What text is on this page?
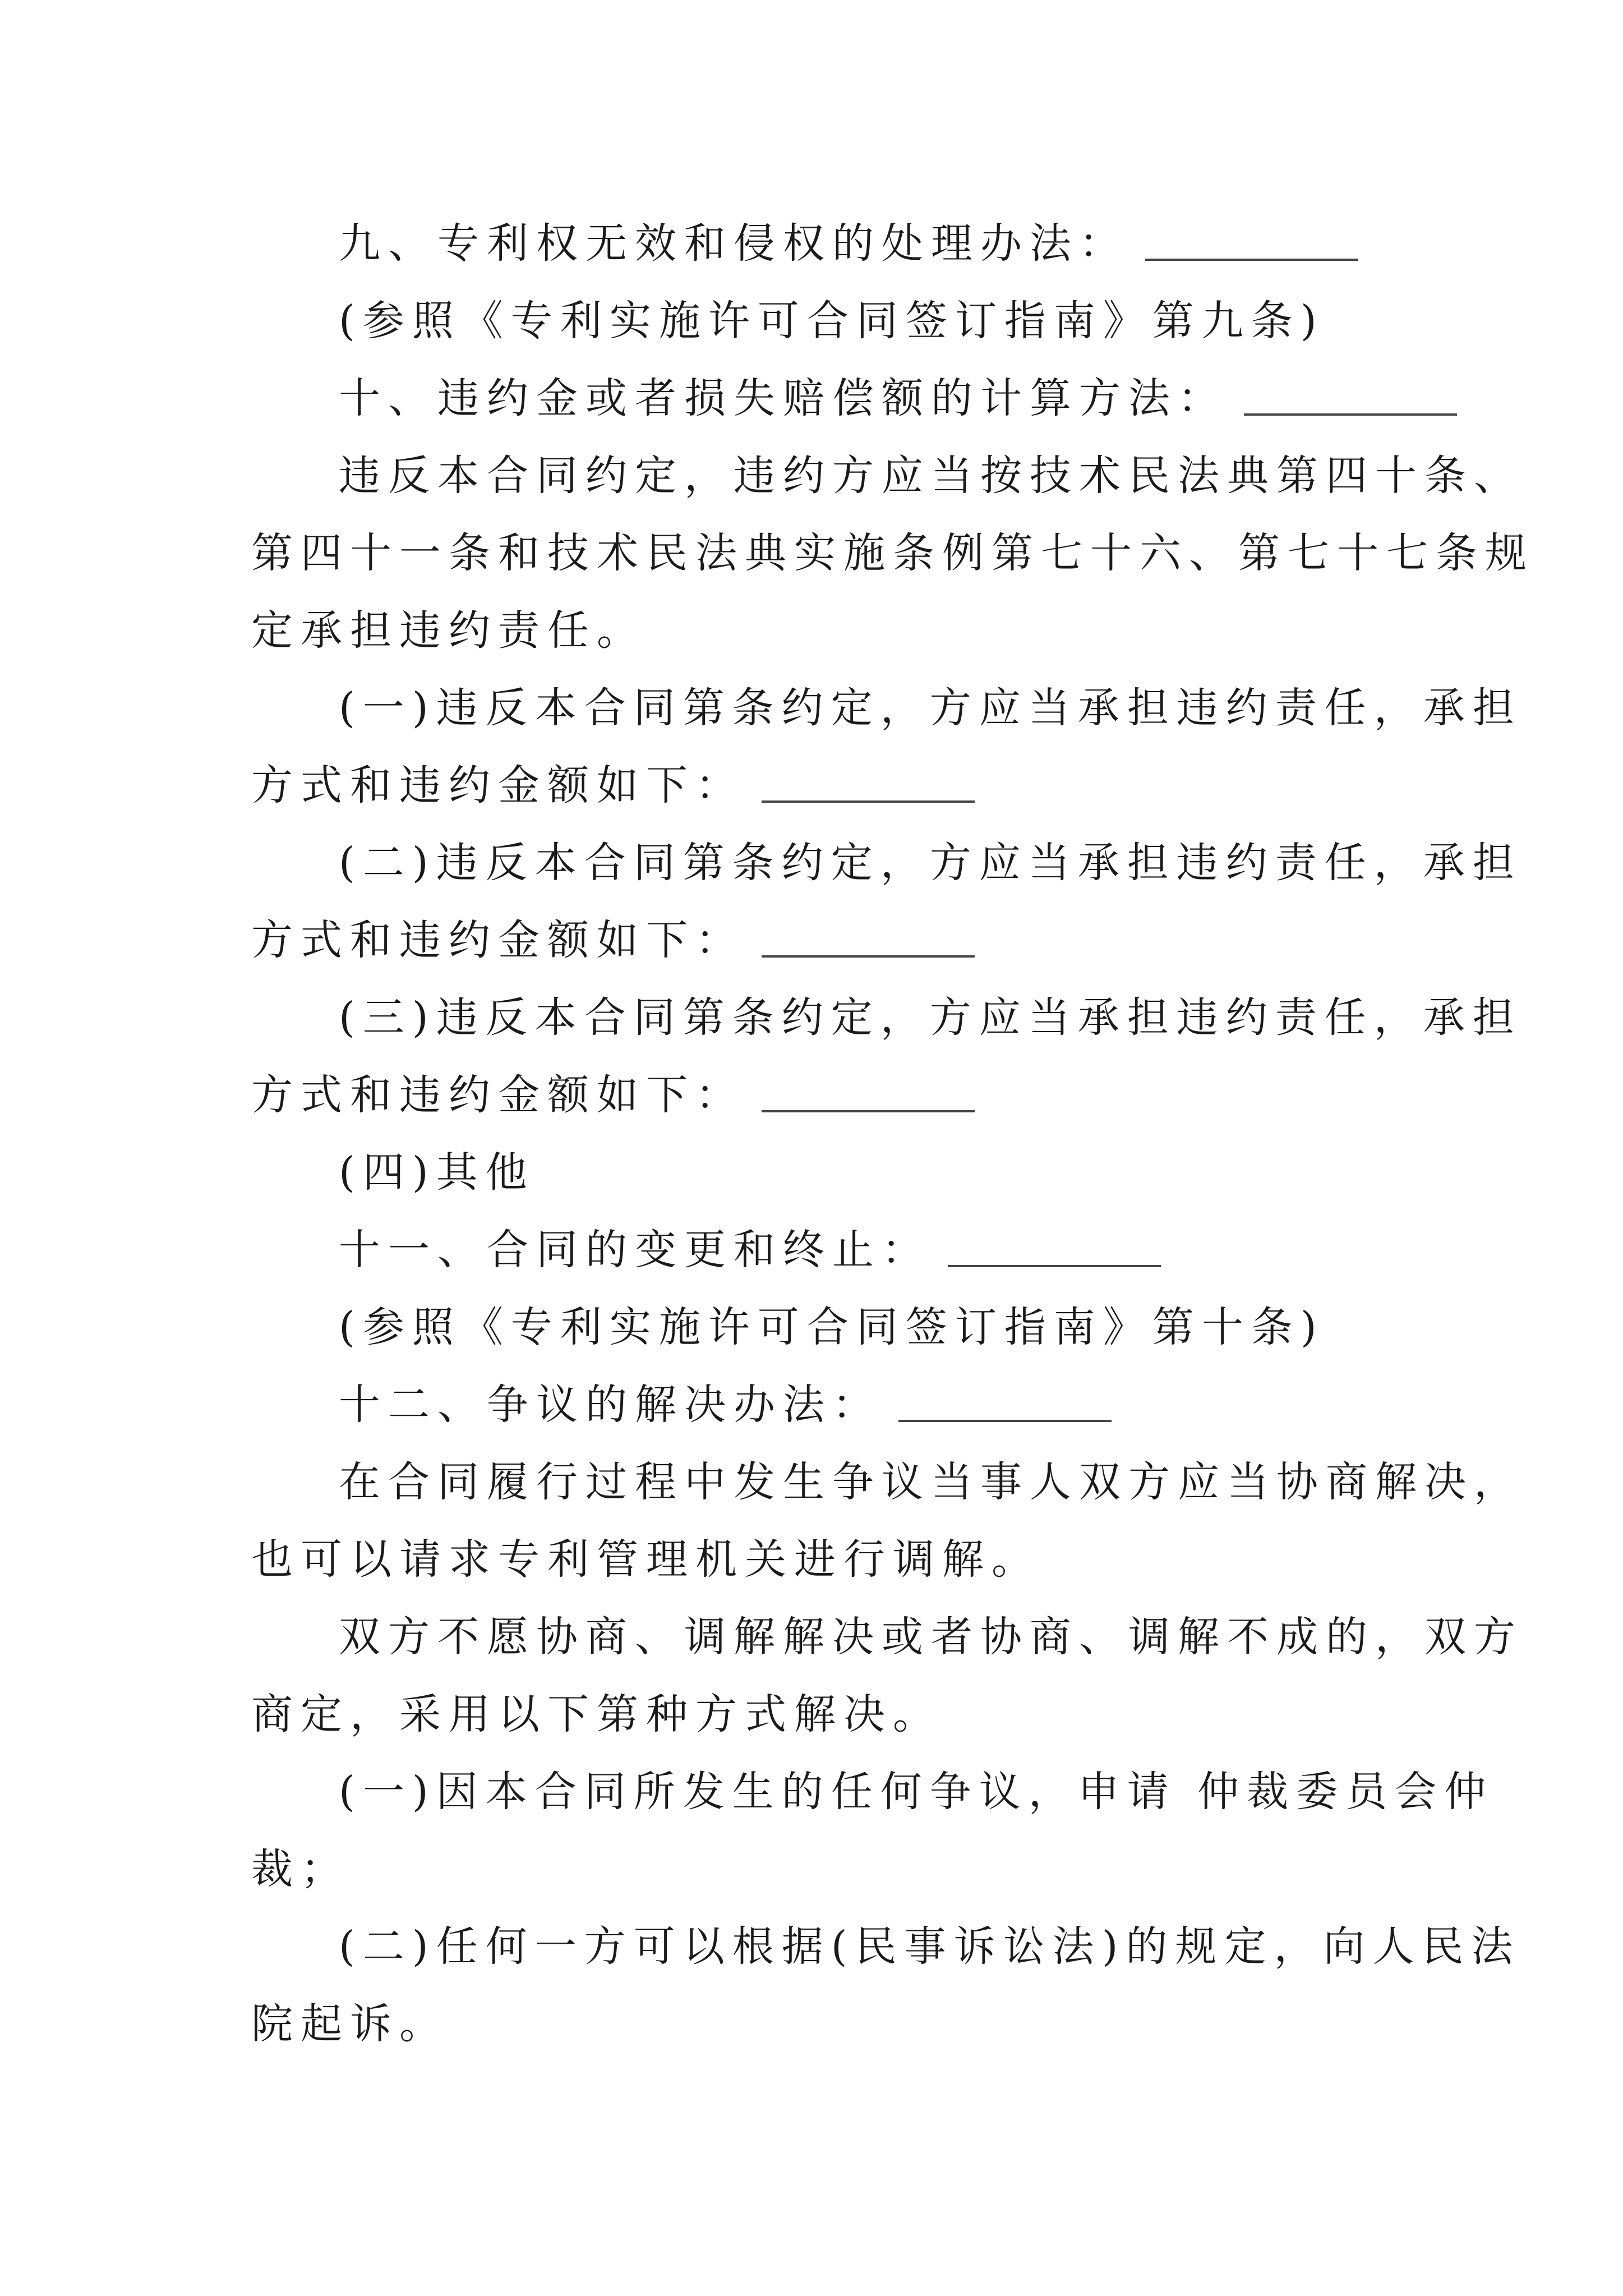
九、专利权无效和侵权的处理办法：
(参照《专利实施许可合同签订指南》第九条)
十、违约金或者损失赔偿额的计算方法：
违反本合同约定，违约方应当按技术民法典第四十条、
第四十一条和技术民法典实施条例第七十六、第七十七条规
定承担违约责任。
(一)违反本合同第条约定，方应当承担违约责任，承担
方式和违约金额如下：
(二)违反本合同第条约定，方应当承担违约责任，承担
方式和违约金额如下：
(三)违反本合同第条约定，方应当承担违约责任，承担
方式和违约金额如下：
(四)其他
十一、合同的变更和终止：
(参照《专利实施许可合同签订指南》第十条)
十二、争议的解决办法：
在合同履行过程中发生争议当事人双方应当协商解决，
也可以请求专利管理机关进行调解。
双方不愿协商、调解解决或者协商、调解不成的，双方
商定，采用以下第种方式解决。
(一)因本合同所发生的任何争议，申请 仲裁委员会仲
裁；
(二)任何一方可以根据(民事诉讼法)的规定，向人民法
院起诉。
